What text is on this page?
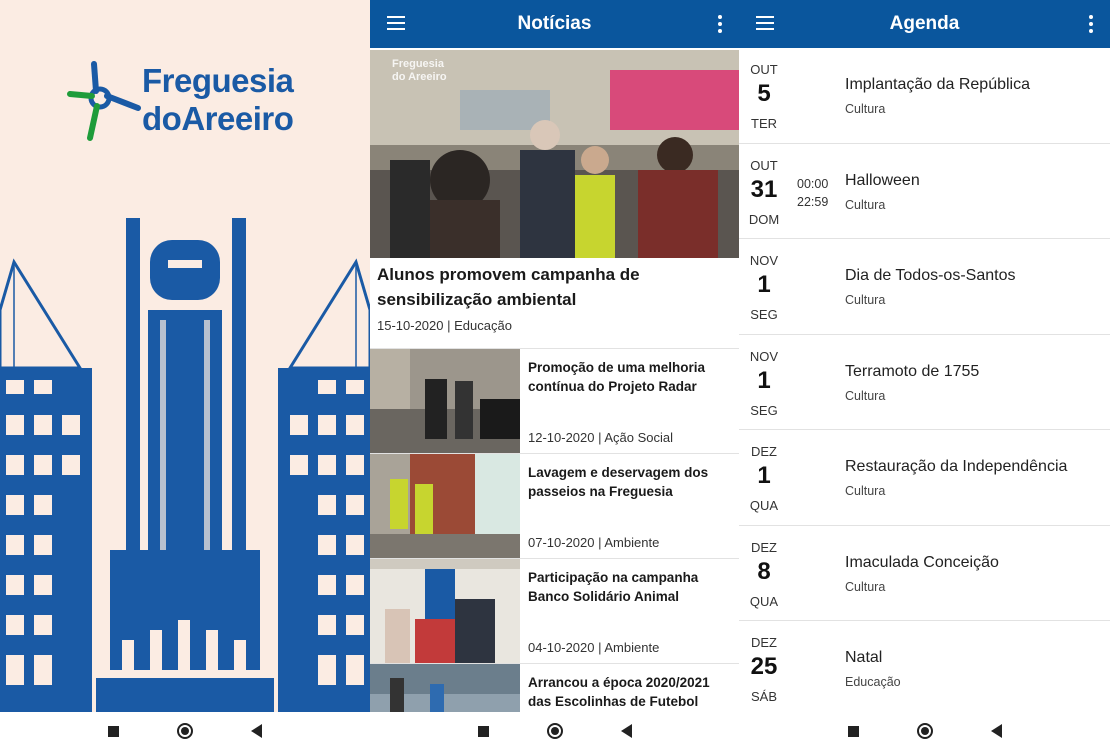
Freguesia
doAreeiro
Notícias
Freguesia
do Areeiro
Alunos promovem campanha de sensibilização ambiental
15-10-2020 | Educação
Promoção de uma melhoria contínua do Projeto Radar
12-10-2020 | Ação Social
Lavagem e deservagem dos passeios na Freguesia
07-10-2020 | Ambiente
Participação na campanha Banco Solidário Animal
04-10-2020 | Ambiente
Arrancou a época 2020/2021 das Escolinhas de Futebol
Agenda
OUT
5
TER
Implantação da República
Cultura
OUT
31
DOM
00:00
22:59
Halloween
Cultura
NOV
1
SEG
Dia de Todos-os-Santos
Cultura
NOV
1
SEG
Terramoto de 1755
Cultura
DEZ
1
QUA
Restauração da Independência
Cultura
DEZ
8
QUA
Imaculada Conceição
Cultura
DEZ
25
SÁB
Natal
Educação
